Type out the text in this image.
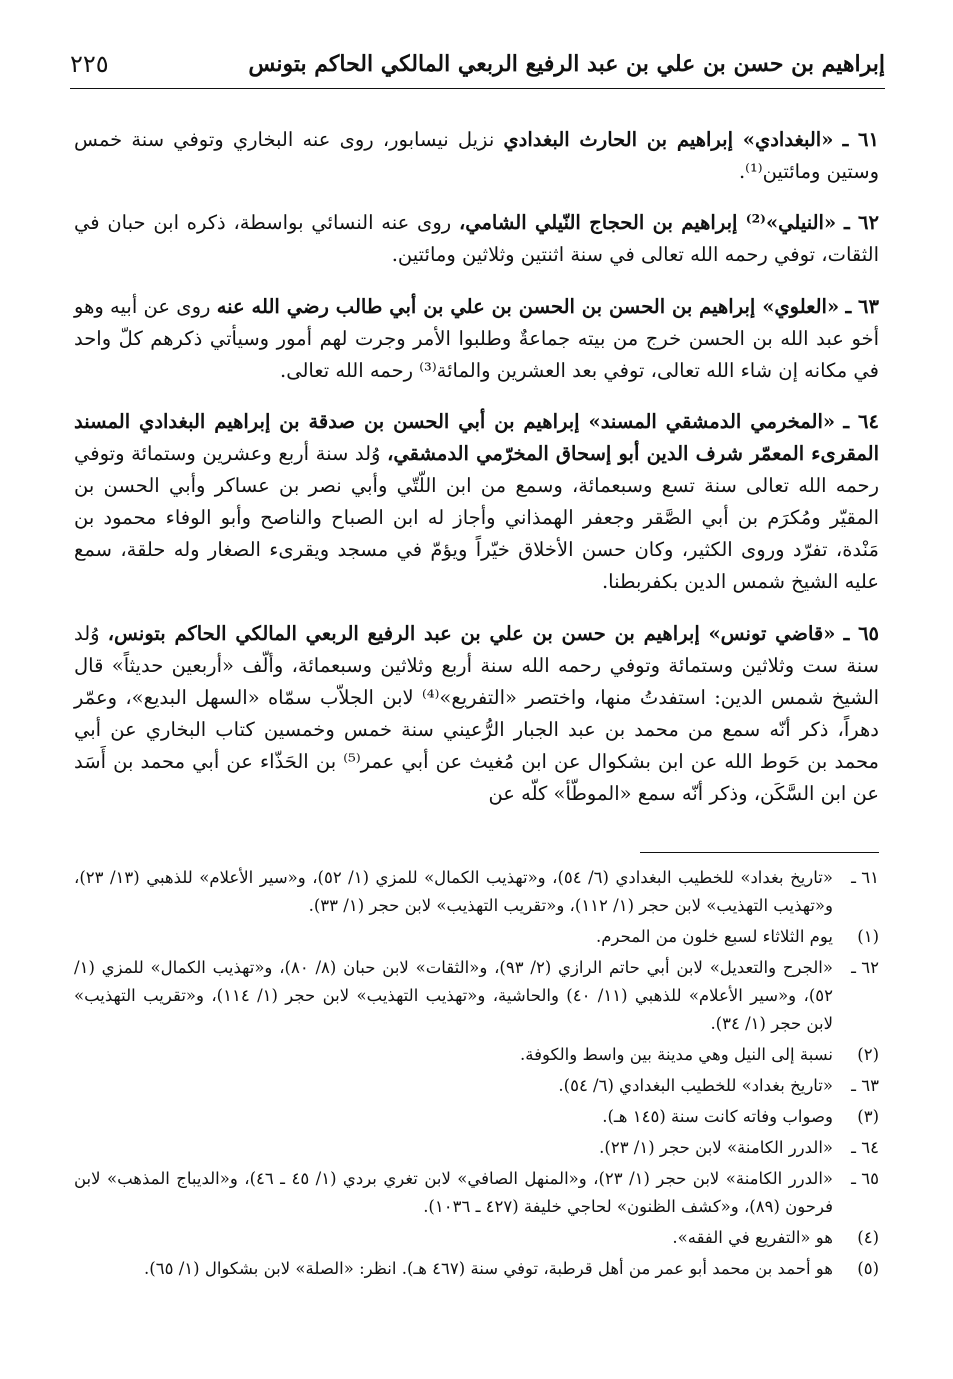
٢٢٥	إبراهيم بن حسن بن علي بن عبد الرفيع الربعي المالكي الحاكم بتونس

٦١ ـ «البغدادي» إبراهيم بن الحارث البغدادي نزيل نيسابور، روى عنه البخاري وتوفي سنة خمس وستين ومائتين⁽¹⁾.

٦٢ ـ «النيلي»⁽²⁾ إبراهيم بن الحجاج النّيلي الشامي، روى عنه النسائي بواسطة، ذكره ابن حبان في الثقات، توفي رحمه الله تعالى في سنة اثنتين وثلاثين ومائتين.

٦٣ ـ «العلوي» إبراهيم بن الحسن بن الحسن بن علي بن أبي طالب رضي الله عنه روى عن أبيه وهو أخو عبد الله بن الحسن خرج من بيته جماعةٌ وطلبوا الأمر وجرت لهم أمور وسيأتي ذكرهم كلّ واحد في مكانه إن شاء الله تعالى، توفي بعد العشرين والمائة⁽³⁾ رحمه الله تعالى.

٦٤ ـ «المخرمي الدمشقي المسند» إبراهيم بن أبي الحسن بن صدقة بن إبراهيم البغدادي المسند المقرىء المعمّر شرف الدين أبو إسحاق المخرّمي الدمشقي، وُلد سنة أربع وعشرين وستمائة وتوفي رحمه الله تعالى سنة تسع وسبعمائة، وسمع من ابن اللّتّي وأبي نصر بن عساكر وأبي الحسن بن المقيّر ومُكرَم بن أبي الصَّقر وجعفر الهمذاني وأجاز له ابن الصباح والناصح وأبو الوفاء محمود بن مَنْدة، تفرّد وروى الكثير، وكان حسن الأخلاق خيّراً ويؤمّ في مسجد ويقرىء الصغار وله حلقة، سمع عليه الشيخ شمس الدين بكفربطنا.

٦٥ ـ «قاضي تونس» إبراهيم بن حسن بن علي بن عبد الرفيع الربعي المالكي الحاكم بتونس، وُلد سنة ست وثلاثين وستمائة وتوفي رحمه الله سنة أربع وثلاثين وسبعمائة، وألّف «أربعين حديثاً» قال الشيخ شمس الدين: استفدتُ منها، واختصر «التفريع»⁽⁴⁾ لابن الجلاّب سمّاه «السهل البديع»، وعمّر دهراً، ذكر أنّه سمع من محمد بن عبد الجبار الرُّعيني سنة خمس وخمسين كتاب البخاري عن أبي محمد بن حَوط الله عن ابن بشكوال عن ابن مُغيث عن أبي عمر⁽⁵⁾ بن الحَذّاء عن أبي محمد بن أَسَد عن ابن السَّكَن، وذكر أنّه سمع «الموطّأ» كلّه عن

٦١ ـ
«تاريخ بغداد» للخطيب البغدادي (٦/ ٥٤)، و«تهذيب الكمال» للمزي (١/ ٥٢)، و«سير الأعلام» للذهبي (١٣/ ٢٣)، و«تهذيب التهذيب» لابن حجر (١/ ١١٢)، و«تقريب التهذيب» لابن حجر (١/ ٣٣).
(١)
يوم الثلاثاء لسبع خلون من المحرم.
٦٢ ـ
«الجرح والتعديل» لابن أبي حاتم الرازي (٢/ ٩٣)، و«الثقات» لابن حبان (٨/ ٨٠)، و«تهذيب الكمال» للمزي (١/ ٥٢)، و«سير الأعلام» للذهبي (١١/ ٤٠) والحاشية، و«تهذيب التهذيب» لابن حجر (١/ ١١٤)، و«تقريب التهذيب» لابن حجر (١/ ٣٤).
(٢)
نسبة إلى النيل وهي مدينة بين واسط والكوفة.
٦٣ ـ
«تاريخ بغداد» للخطيب البغدادي (٦/ ٥٤).
(٣)
وصواب وفاته كانت سنة (١٤٥ هـ).
٦٤ ـ
«الدرر الكامنة» لابن حجر (١/ ٢٣).
٦٥ ـ
«الدرر الكامنة» لابن حجر (١/ ٢٣)، و«المنهل الصافي» لابن تغري بردي (١/ ٤٥ ـ ٤٦)، و«الديباج المذهب» لابن فرحون (٨٩)، و«كشف الظنون» لحاجي خليفة (٤٢٧ ـ ١٠٣٦).
(٤)
هو «التفريع في الفقه».
(٥)
هو أحمد بن محمد أبو عمر من أهل قرطبة، توفي سنة (٤٦٧ هـ). انظر: «الصلة» لابن بشكوال (١/ ٦٥).
